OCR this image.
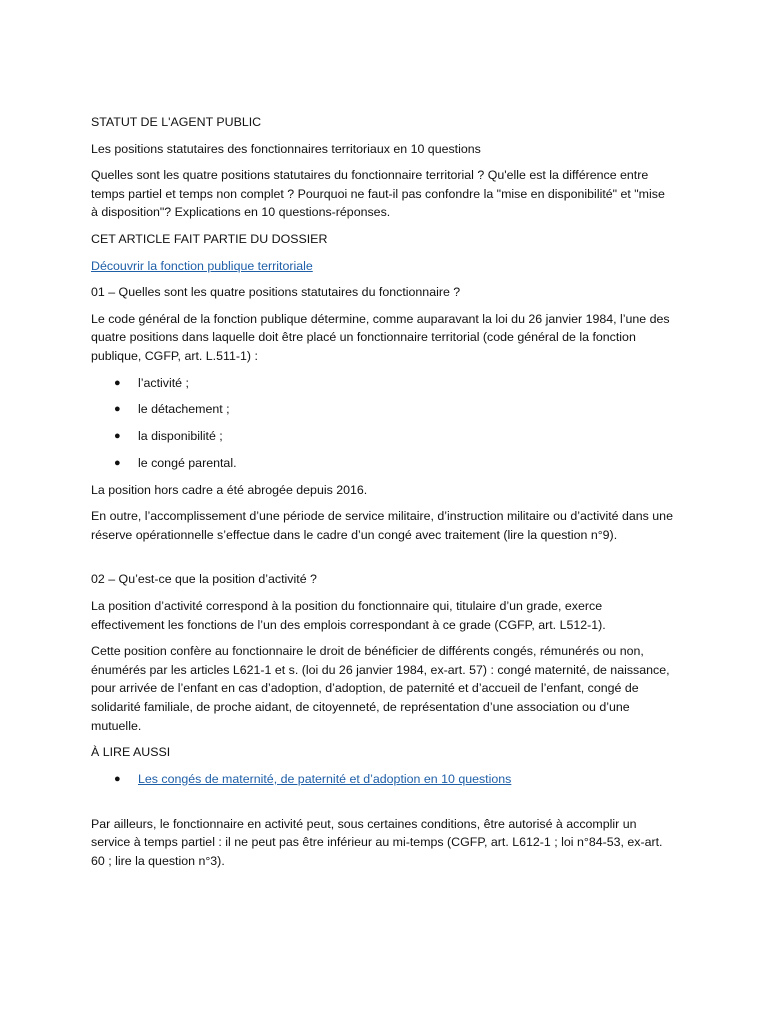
STATUT DE L'AGENT PUBLIC

Les positions statutaires des fonctionnaires territoriaux en 10 questions

Quelles sont les quatre positions statutaires du fonctionnaire territorial ? Qu'elle est la différence entre temps partiel et temps non complet ? Pourquoi ne faut-il pas confondre la "mise en disponibilité" et "mise à disposition"? Explications en 10 questions-réponses.

CET ARTICLE FAIT PARTIE DU DOSSIER

Découvrir la fonction publique territoriale

01 – Quelles sont les quatre positions statutaires du fonctionnaire ?

Le code général de la fonction publique détermine, comme auparavant la loi du 26 janvier 1984, l’une des quatre positions dans laquelle doit être placé un fonctionnaire territorial (code général de la fonction publique, CGFP, art. L.511-1) :

● l’activité ;
● le détachement ;
● la disponibilité ;
● le congé parental.

La position hors cadre a été abrogée depuis 2016.

En outre, l’accomplissement d’une période de service militaire, d’instruction militaire ou d’activité dans une réserve opérationnelle s’effectue dans le cadre d’un congé avec traitement (lire la question n°9).

02 – Qu’est-ce que la position d’activité ?

La position d’activité correspond à la position du fonctionnaire qui, titulaire d’un grade, exerce effectivement les fonctions de l’un des emplois correspondant à ce grade (CGFP, art. L512-1).

Cette position confère au fonctionnaire le droit de bénéficier de différents congés, rémunérés ou non, énumérés par les articles L621-1 et s. (loi du 26 janvier 1984, ex-art. 57) : congé maternité, de naissance, pour arrivée de l’enfant en cas d’adoption, d’adoption, de paternité et d’accueil de l’enfant, congé de solidarité familiale, de proche aidant, de citoyenneté, de représentation d’une association ou d’une mutuelle.

À LIRE AUSSI

● Les congés de maternité, de paternité et d’adoption en 10 questions

Par ailleurs, le fonctionnaire en activité peut, sous certaines conditions, être autorisé à accomplir un service à temps partiel : il ne peut pas être inférieur au mi-temps (CGFP, art. L612-1 ; loi n°84-53, ex-art. 60 ; lire la question n°3).
